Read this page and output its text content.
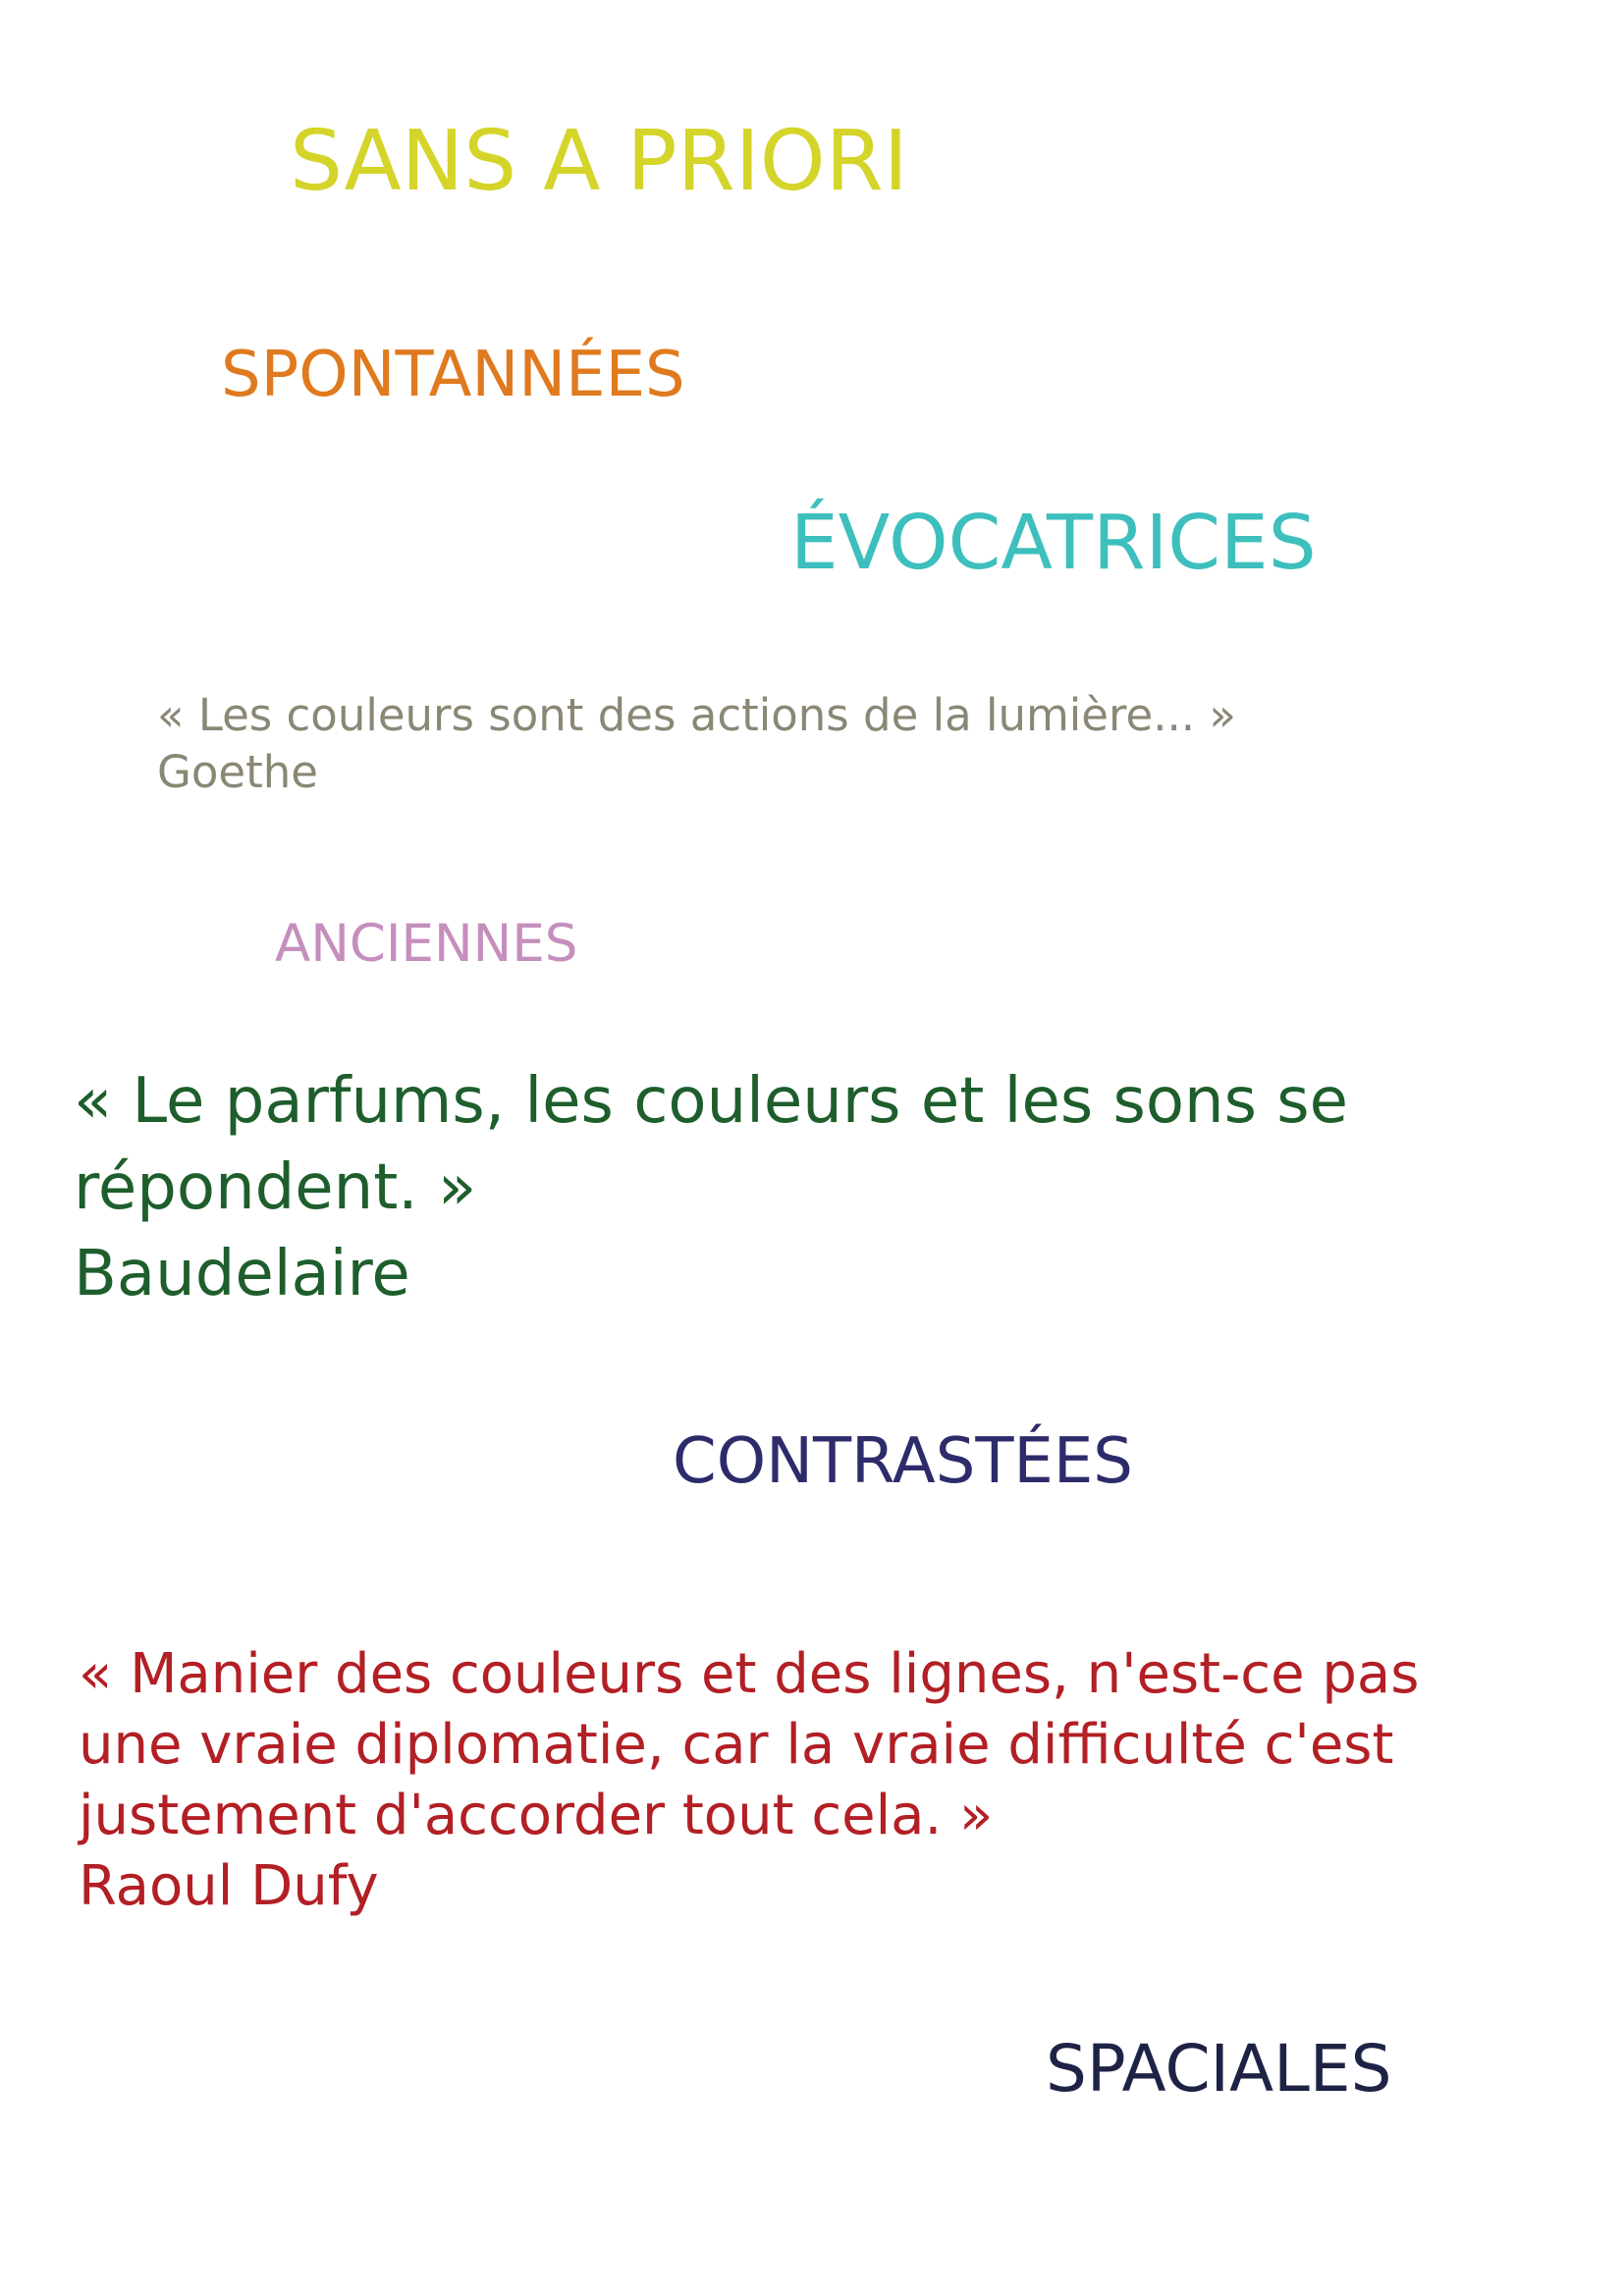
SANS A PRIORI

SPONTANNÉES

ÉVOCATRICES

« Les couleurs sont des actions de la lumière... »
Goethe

ANCIENNES

« Le parfums, les couleurs et les sons se
répondent. »
Baudelaire

CONTRASTÉES

« Manier des couleurs et des lignes, n'est-ce pas
une vraie diplomatie, car la vraie difficulté c'est
justement d'accorder tout cela. »
Raoul Dufy

SPACIALES
